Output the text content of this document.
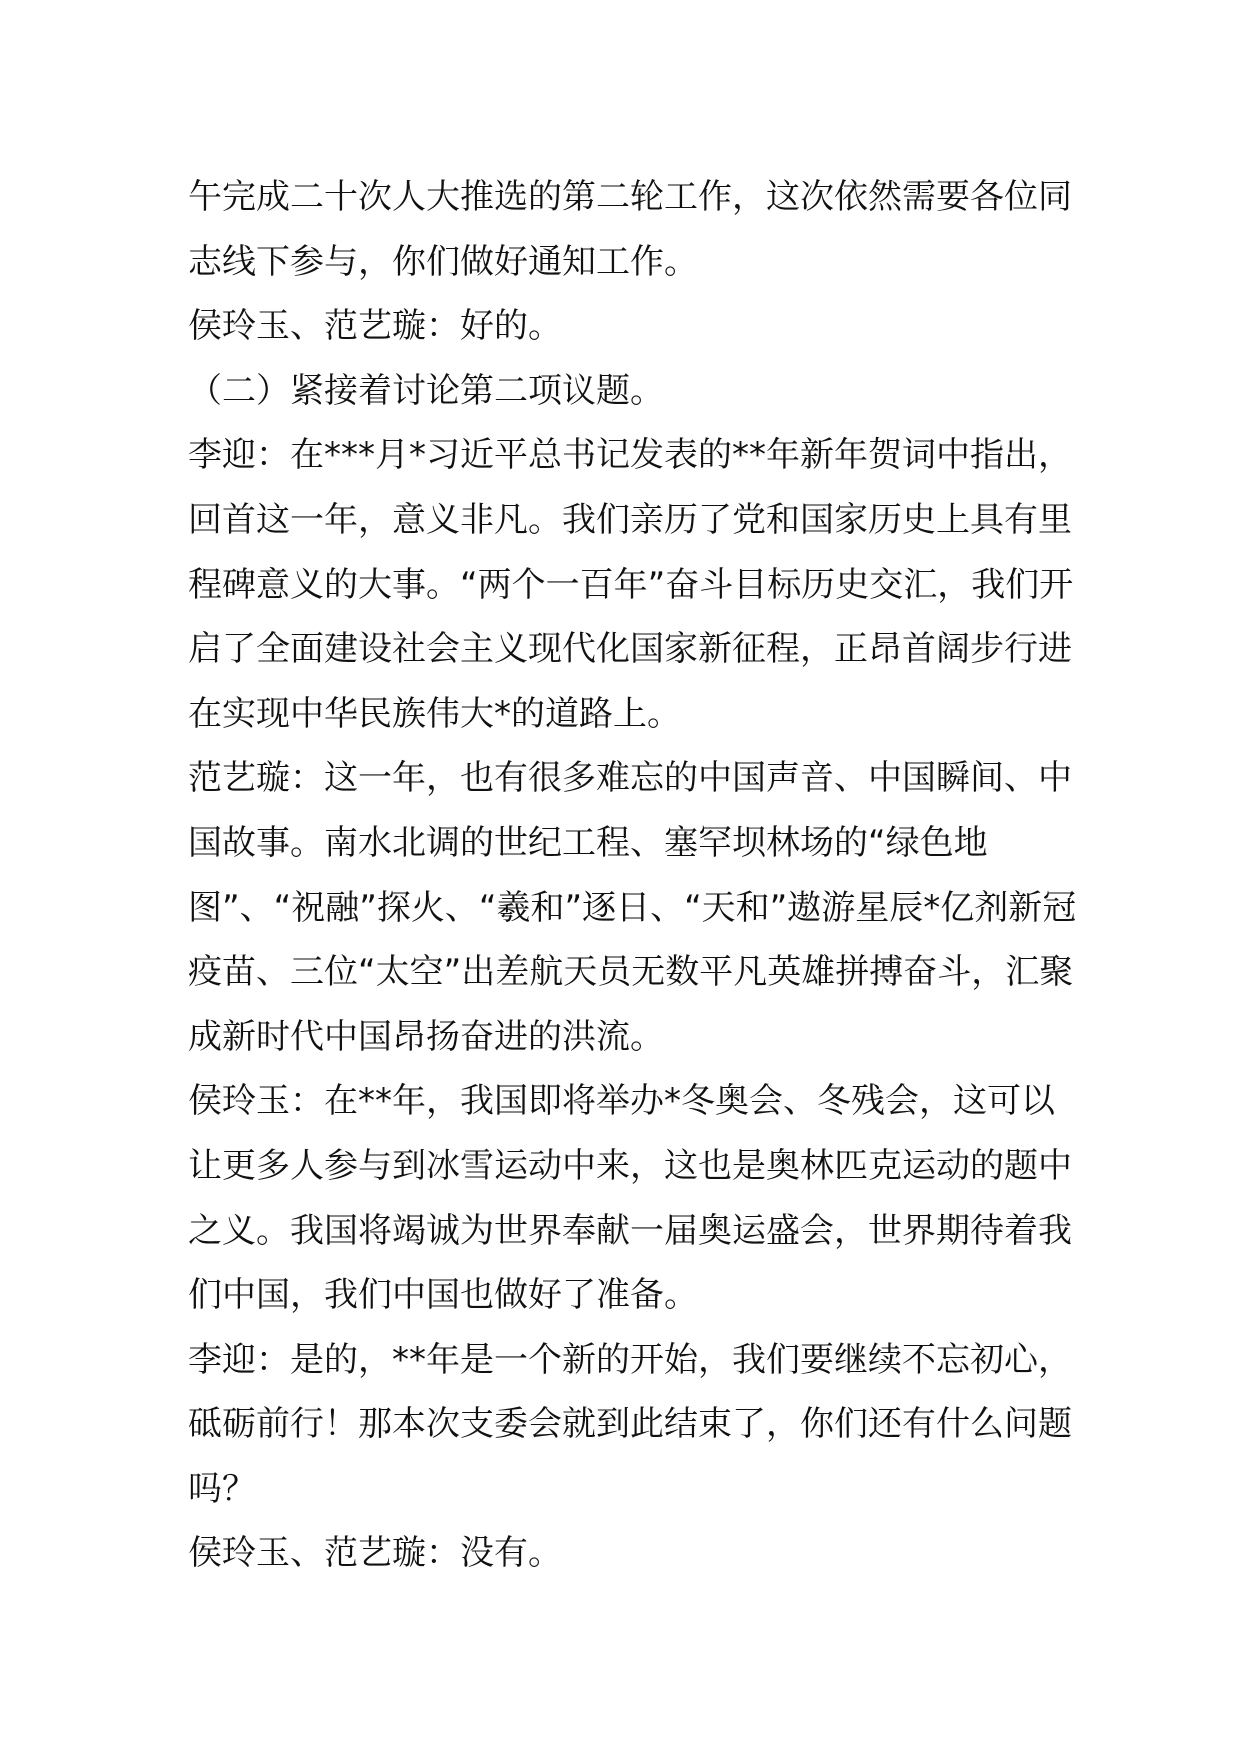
午完成二十次人大推选的第二轮工作，这次依然需要各位同志线下参与，你们做好通知工作。

侯玲玉、范艺璇：好的。

（二）紧接着讨论第二项议题。

李迎：在***月*习近平总书记发表的**年新年贺词中指出，回首这一年，意义非凡。我们亲历了党和国家历史上具有里程碑意义的大事。“两个一百年”奋斗目标历史交汇，我们开启了全面建设社会主义现代化国家新征程，正昂首阔步行进在实现中华民族伟大*的道路上。

范艺璇：这一年，也有很多难忘的中国声音、中国瞬间、中国故事。南水北调的世纪工程、塞罕坝林场的“绿色地图”、“祝融”探火、“羲和”逐日、“天和”遨游星辰*亿剂新冠疫苗、三位“太空”出差航天员无数平凡英雄拼搏奋斗，汇聚成新时代中国昂扬奋进的洪流。

侯玲玉：在**年，我国即将举办*冬奥会、冬残会，这可以让更多人参与到冰雪运动中来，这也是奥林匹克运动的题中之义。我国将竭诚为世界奉献一届奥运盛会，世界期待着我们中国，我们中国也做好了准备。

李迎：是的，**年是一个新的开始，我们要继续不忘初心，砥砺前行！那本次支委会就到此结束了，你们还有什么问题吗？

侯玲玉、范艺璇：没有。
